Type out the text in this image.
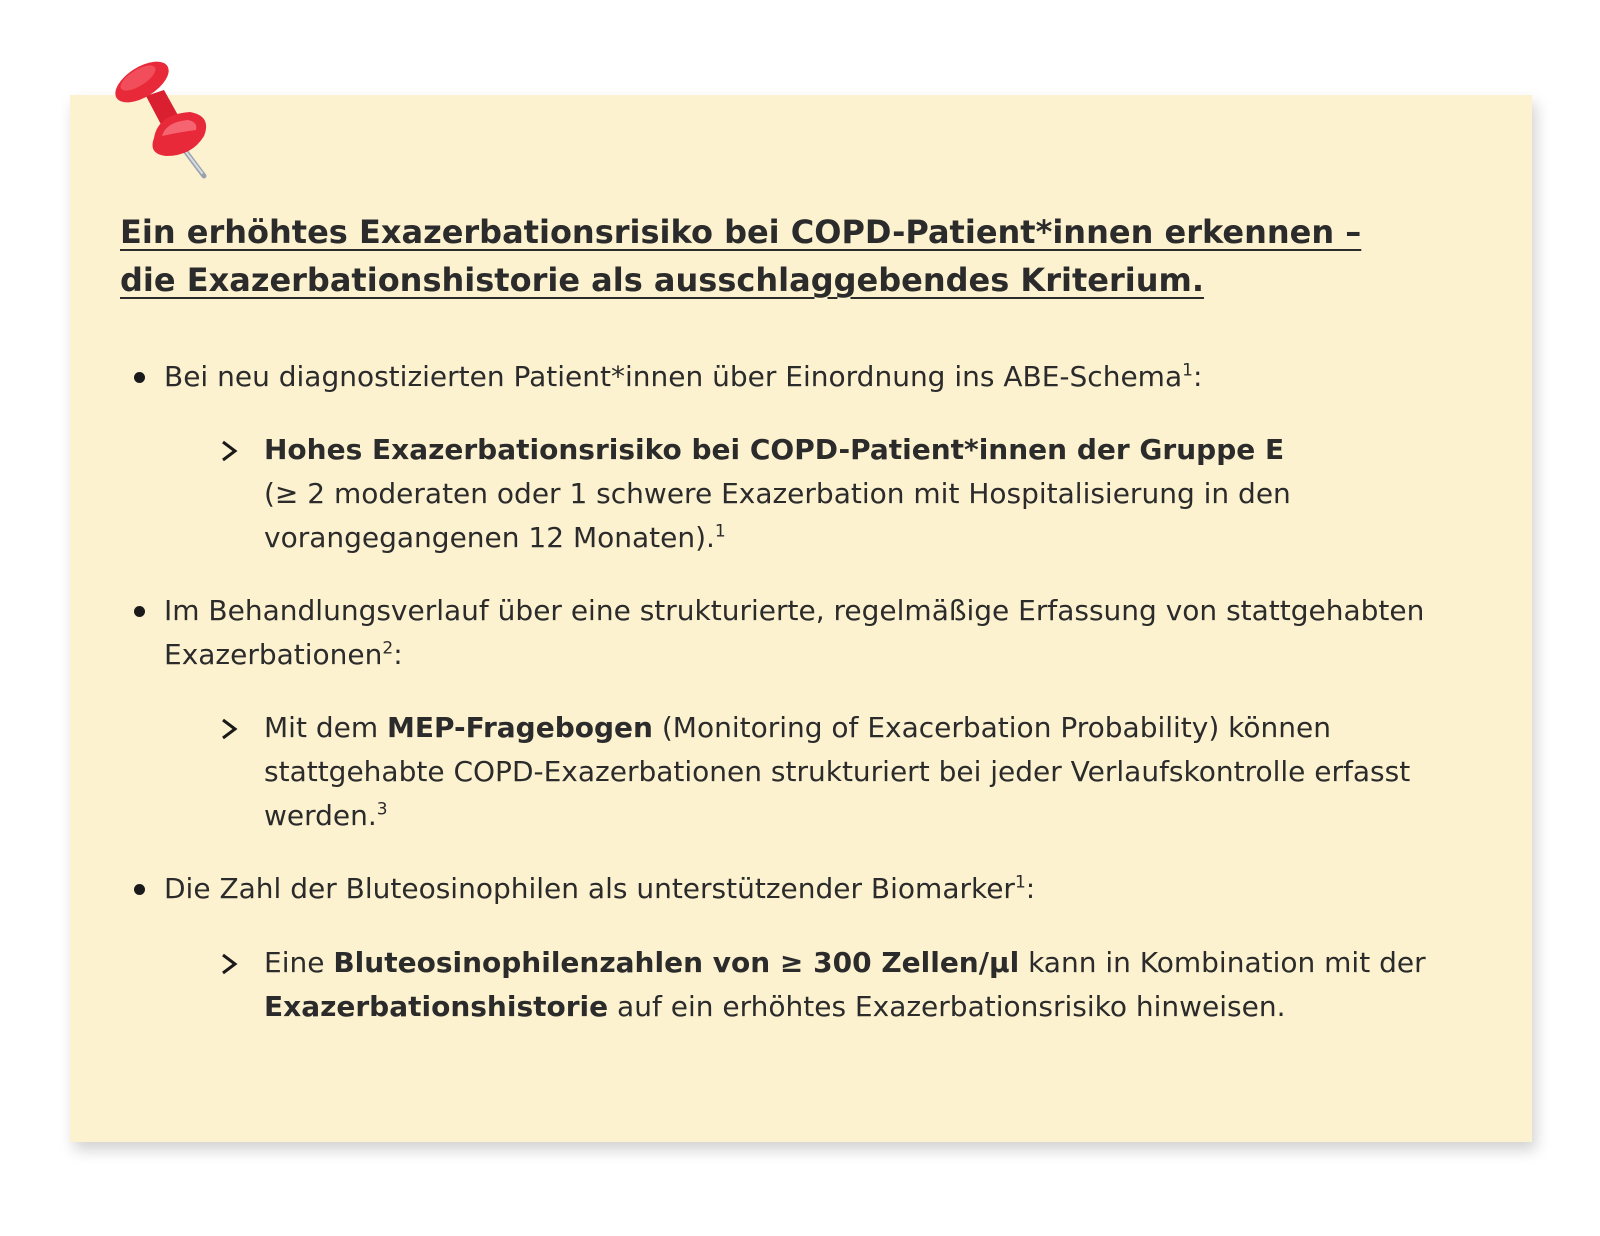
Ein erhöhtes Exazerbationsrisiko bei COPD-Patient*innen erkennen –
die Exazerbationshistorie als ausschlaggebendes Kriterium.
Bei neu diagnostizierten Patient*innen über Einordnung ins ABE-Schema$^1$:
Hohes Exazerbationsrisiko bei COPD-Patient*innen der Gruppe E
(≥ 2 moderaten oder 1 schwere Exazerbation mit Hospitalisierung in den vorangegangenen 12 Monaten).$^1$
Im Behandlungsverlauf über eine strukturierte, regelmäßige Erfassung von stattgehabten Exazerbationen$^2$:
Mit dem MEP-Fragebogen (Monitoring of Exacerbation Probability) können stattgehabte COPD-Exazerbationen strukturiert bei jeder Verlaufskontrolle erfasst werden.$^3$
Die Zahl der Bluteosinophilen als unterstützender Biomarker$^1$:
Eine Bluteosinophilenzahlen von ≥ 300 Zellen/µl kann in Kombination mit der Exazerbationshistorie auf ein erhöhtes Exazerbationsrisiko hinweisen.
